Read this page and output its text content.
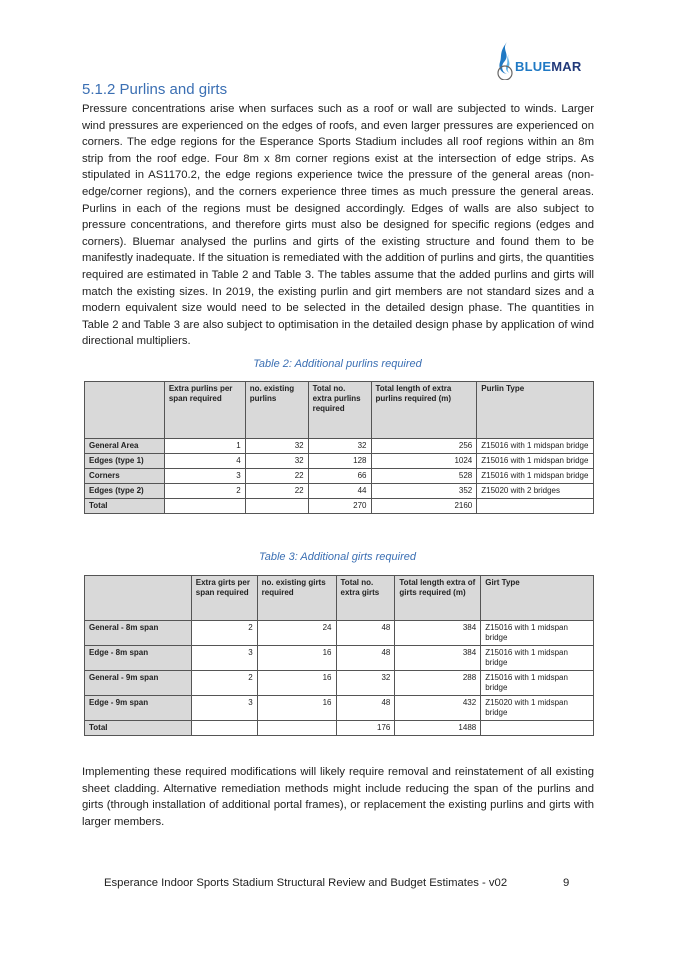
BLUEMAR
5.1.2 Purlins and girts
Pressure concentrations arise when surfaces such as a roof or wall are subjected to winds. Larger wind pressures are experienced on the edges of roofs, and even larger pressures are experienced on corners. The edge regions for the Esperance Sports Stadium includes all roof regions within an 8m strip from the roof edge. Four 8m x 8m corner regions exist at the intersection of edge strips. As stipulated in AS1170.2, the edge regions experience twice the pressure of the general areas (non-edge/corner regions), and the corners experience three times as much pressure the general areas. Purlins in each of the regions must be designed accordingly. Edges of walls are also subject to pressure concentrations, and therefore girts must also be designed for specific regions (edges and corners). Bluemar analysed the purlins and girts of the existing structure and found them to be manifestly inadequate. If the situation is remediated with the addition of purlins and girts, the quantities required are estimated in Table 2 and Table 3. The tables assume that the added purlins and girts will match the existing sizes. In 2019, the existing purlin and girt members are not standard sizes and a modern equivalent size would need to be selected in the detailed design phase. The quantities in Table 2 and Table 3 are also subject to optimisation in the detailed design phase by application of wind directional multipliers.
Table 2: Additional purlins required
	Extra purlins per span required	no. existing purlins	Total no. extra purlins required	Total length of extra purlins required (m)	Purlin Type
General Area	1	32	32	256	Z15016 with 1 midspan bridge
Edges (type 1)	4	32	128	1024	Z15016 with 1 midspan bridge
Corners	3	22	66	528	Z15016 with 1 midspan bridge
Edges (type 2)	2	22	44	352	Z15020 with 2 bridges
Total			270	2160	
Table 3: Additional girts required
	Extra girts per span required	no. existing girts required	Total no. extra girts	Total length extra of girts required (m)	Girt Type
General - 8m span	2	24	48	384	Z15016 with 1 midspan bridge
Edge - 8m span	3	16	48	384	Z15016 with 1 midspan bridge
General - 9m span	2	16	32	288	Z15016 with 1 midspan bridge
Edge - 9m span	3	16	48	432	Z15020 with 1 midspan bridge
Total			176	1488	
Implementing these required modifications will likely require removal and reinstatement of all existing sheet cladding. Alternative remediation methods might include reducing the span of the purlins and girts (through installation of additional portal frames), or replacement the existing purlins and girts with larger members.
Esperance Indoor Sports Stadium Structural Review and Budget Estimates - v02	9
